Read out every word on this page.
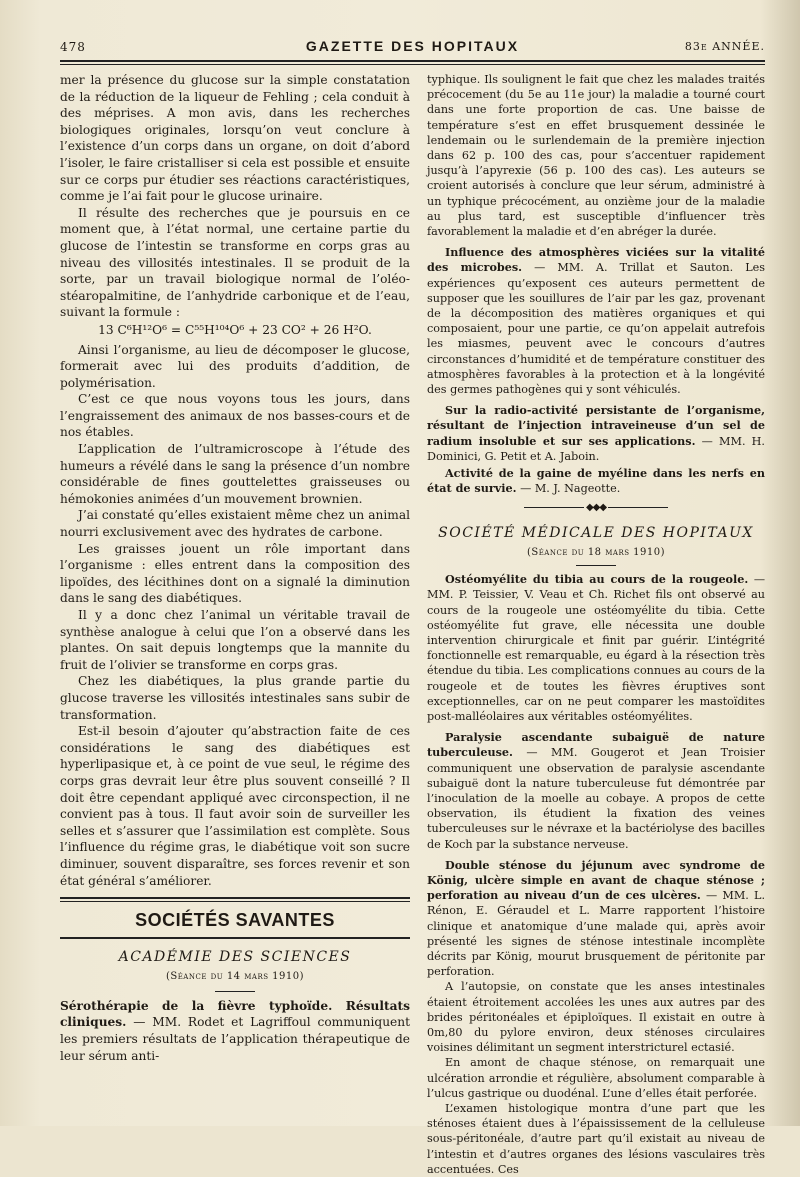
478	GAZETTE DES HOPITAUX	83e ANNÉE.

mer la présence du glucose sur la simple constatation de la réduction de la liqueur de Fehling ; cela conduit à des méprises. A mon avis, dans les recherches biologiques originales, lorsqu’on veut conclure à l’existence d’un corps dans un organe, on doit d’abord l’isoler, le faire cristalliser si cela est possible et ensuite sur ce corps pur étudier ses réactions caractéristiques, comme je l’ai fait pour le glucose urinaire.

Il résulte des recherches que je poursuis en ce moment que, à l’état normal, une certaine partie du glucose de l’intestin se transforme en corps gras au niveau des villosités intestinales. Il se produit de la sorte, par un travail biologique normal de l’oléo-stéaropalmitine, de l’anhydride carbonique et de l’eau, suivant la formule :

13 C⁶H¹²O⁶ = C⁵⁵H¹⁰⁴O⁶ + 23 CO² + 26 H²O.

Ainsi l’organisme, au lieu de décomposer le glucose, formerait avec lui des produits d’addition, de polymérisation.

C’est ce que nous voyons tous les jours, dans l’engraissement des animaux de nos basses-cours et de nos étables.

L’application de l’ultramicroscope à l’étude des humeurs a révélé dans le sang la présence d’un nombre considérable de fines gouttelettes graisseuses ou hémokonies animées d’un mouvement brownien.

J’ai constaté qu’elles existaient même chez un animal nourri exclusivement avec des hydrates de carbone.

Les graisses jouent un rôle important dans l’organisme : elles entrent dans la composition des lipoïdes, des lécithines dont on a signalé la diminution dans le sang des diabétiques.

Il y a donc chez l’animal un véritable travail de synthèse analogue à celui que l’on a observé dans les plantes. On sait depuis longtemps que la mannite du fruit de l’olivier se transforme en corps gras.

Chez les diabétiques, la plus grande partie du glucose traverse les villosités intestinales sans subir de transformation.

Est-il besoin d’ajouter qu’abstraction faite de ces considérations le sang des diabétiques est hyperlipasique et, à ce point de vue seul, le régime des corps gras devrait leur être plus souvent conseillé ? Il doit être cependant appliqué avec circonspection, il ne convient pas à tous. Il faut avoir soin de surveiller les selles et s’assurer que l’assimilation est complète. Sous l’influence du régime gras, le diabétique voit son sucre diminuer, souvent disparaître, ses forces revenir et son état général s’améliorer.

SOCIÉTÉS SAVANTES
ACADÉMIE DES SCIENCES
(Séance du 14 mars 1910)

Sérothérapie de la fièvre typhoïde. Résultats cliniques. — MM. Rodet et Lagriffoul communiquent les premiers résultats de l’application thérapeutique de leur sérum anti-

typhique. Ils soulignent le fait que chez les malades traités précocement (du 5e au 11e jour) la maladie a tourné court dans une forte proportion de cas. Une baisse de température s’est en effet brusquement dessinée le lendemain ou le surlendemain de la première injection dans 62 p. 100 des cas, pour s’accentuer rapidement jusqu’à l’apyrexie (56 p. 100 des cas). Les auteurs se croient autorisés à conclure que leur sérum, administré à un typhique précocément, au onzième jour de la maladie au plus tard, est susceptible d’influencer très favorablement la maladie et d’en abréger la durée.

Influence des atmosphères viciées sur la vitalité des microbes. — MM. A. Trillat et Sauton. Les expériences qu’exposent ces auteurs permettent de supposer que les souillures de l’air par les gaz, provenant de la décomposition des matières organiques et qui composaient, pour une partie, ce qu’on appelait autrefois les miasmes, peuvent avec le concours d’autres circonstances d’humidité et de température constituer des atmosphères favorables à la protection et à la longévité des germes pathogènes qui y sont véhiculés.

Sur la radio-activité persistante de l’organisme, résultant de l’injection intraveineuse d’un sel de radium insoluble et sur ses applications. — MM. H. Dominici, G. Petit et A. Jaboin.

Activité de la gaine de myéline dans les nerfs en état de survie. — M. J. Nageotte.

◆◆◆
SOCIÉTÉ MÉDICALE DES HOPITAUX
(Séance du 18 mars 1910)

Ostéomyélite du tibia au cours de la rougeole. — MM. P. Teissier, V. Veau et Ch. Richet fils ont observé au cours de la rougeole une ostéomyélite du tibia. Cette ostéomyélite fut grave, elle nécessita une double intervention chirurgicale et finit par guérir. L’intégrité fonctionnelle est remarquable, eu égard à la résection très étendue du tibia. Les complications connues au cours de la rougeole et de toutes les fièvres éruptives sont exceptionnelles, car on ne peut comparer les mastoïdites post-malléolaires aux véritables ostéomyélites.

Paralysie ascendante subaiguë de nature tuberculeuse. — MM. Gougerot et Jean Troisier communiquent une observation de paralysie ascendante subaiguë dont la nature tuberculeuse fut démontrée par l’inoculation de la moelle au cobaye. A propos de cette observation, ils étudient la fixation des veines tuberculeuses sur le névraxe et la bactériolyse des bacilles de Koch par la substance nerveuse.

Double sténose du jéjunum avec syndrome de König, ulcère simple en avant de chaque sténose ; perforation au niveau d’un de ces ulcères. — MM. L. Rénon, E. Géraudel et L. Marre rapportent l’histoire clinique et anatomique d’une malade qui, après avoir présenté les signes de sténose intestinale incomplète décrits par König, mourut brusquement de péritonite par perforation.

A l’autopsie, on constate que les anses intestinales étaient étroitement accolées les unes aux autres par des brides péritonéales et épiploïques. Il existait en outre à 0m,80 du pylore environ, deux sténoses circulaires voisines délimitant un segment interstricturel ectasié.

En amont de chaque sténose, on remarquait une ulcération arrondie et régulière, absolument comparable à l’ulcus gastrique ou duodénal. L’une d’elles était perforée.

L’examen histologique montra d’une part que les sténoses étaient dues à l’épaississement de la celluleuse sous-péritonéale, d’autre part qu’il existait au niveau de l’intestin et d’autres organes des lésions vasculaires très accentuées. Ces
